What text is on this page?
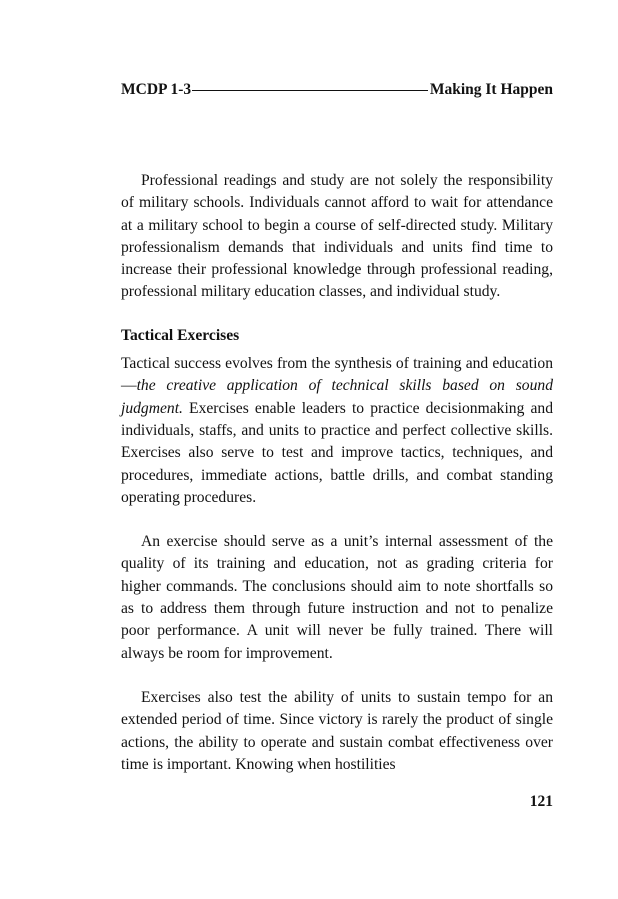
MCDP 1-3	Making It Happen

Professional readings and study are not solely the responsibility of military schools. Individuals cannot afford to wait for attendance at a military school to begin a course of self-directed study. Military professionalism demands that individuals and units find time to increase their professional knowledge through professional reading, professional military education classes, and individual study.

Tactical Exercises

Tactical success evolves from the synthesis of training and education—the creative application of technical skills based on sound judgment. Exercises enable leaders to practice decisionmaking and individuals, staffs, and units to practice and perfect collective skills. Exercises also serve to test and improve tactics, techniques, and procedures, immediate actions, battle drills, and combat standing operating procedures.

An exercise should serve as a unit’s internal assessment of the quality of its training and education, not as grading criteria for higher commands. The conclusions should aim to note shortfalls so as to address them through future instruction and not to penalize poor performance. A unit will never be fully trained. There will always be room for improvement.

Exercises also test the ability of units to sustain tempo for an extended period of time. Since victory is rarely the product of single actions, the ability to operate and sustain combat effectiveness over time is important. Knowing when hostilities

121
